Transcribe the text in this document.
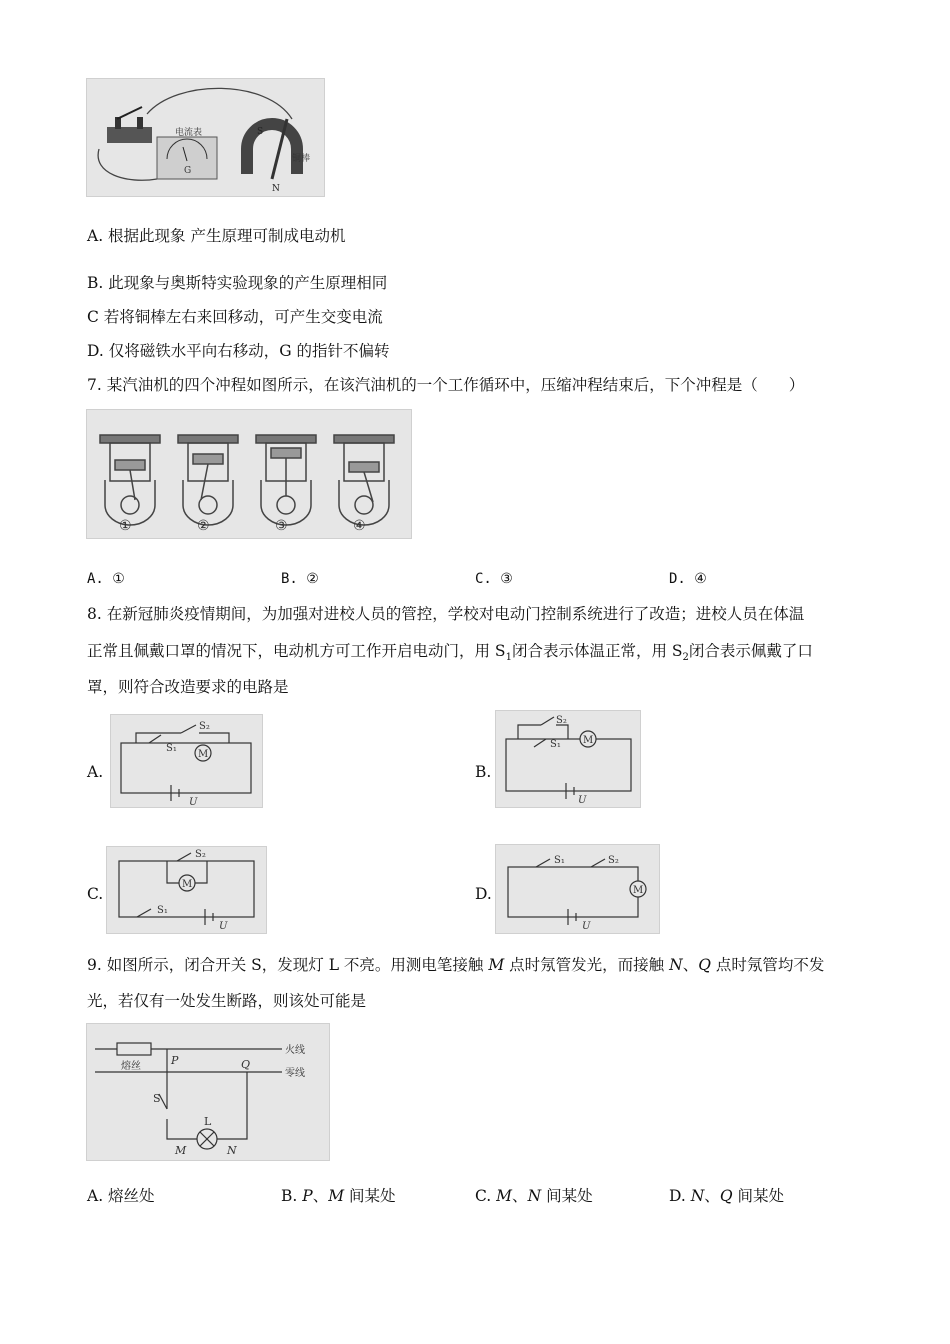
电流表
G
S
N
铜棒
A. 根据此现象 产生原理可制成电动机
B. 此现象与奥斯特实验现象的产生原理相同
C 若将铜棒左右来回移动，可产生交变电流
D. 仅将磁铁水平向右移动，G 的指针不偏转
7. 某汽油机的四个冲程如图所示，在该汽油机的一个工作循环中，压缩冲程结束后，下个冲程是（　　）
①	②	③	④
A. ①	B. ②	C. ③	D. ④
8. 在新冠肺炎疫情期间，为加强对进校人员的管控，学校对电动门控制系统进行了改造；进校人员在体温
正常且佩戴口罩的情况下，电动机方可工作开启电动门，用 $S_1$闭合表示体温正常，用 $S_2$闭合表示佩戴了口
罩，则符合改造要求的电路是
A.
S₂
S₁
M
U
B.
S₂
S₁ M
U
C.
S₂
M
S₁
U
D.
S₁	S₂
M
U
9. 如图所示，闭合开关 S，发现灯 L 不亮。用测电笔接触 M 点时氖管发光，而接触 N、Q 点时氖管均不发
光，若仅有一处发生断路，则该处可能是
熔丝
火线
零线
P	Q
S
L
M	N
A. 熔丝处	B. P、M 间某处	C. M、N 间某处	D. N、Q 间某处
